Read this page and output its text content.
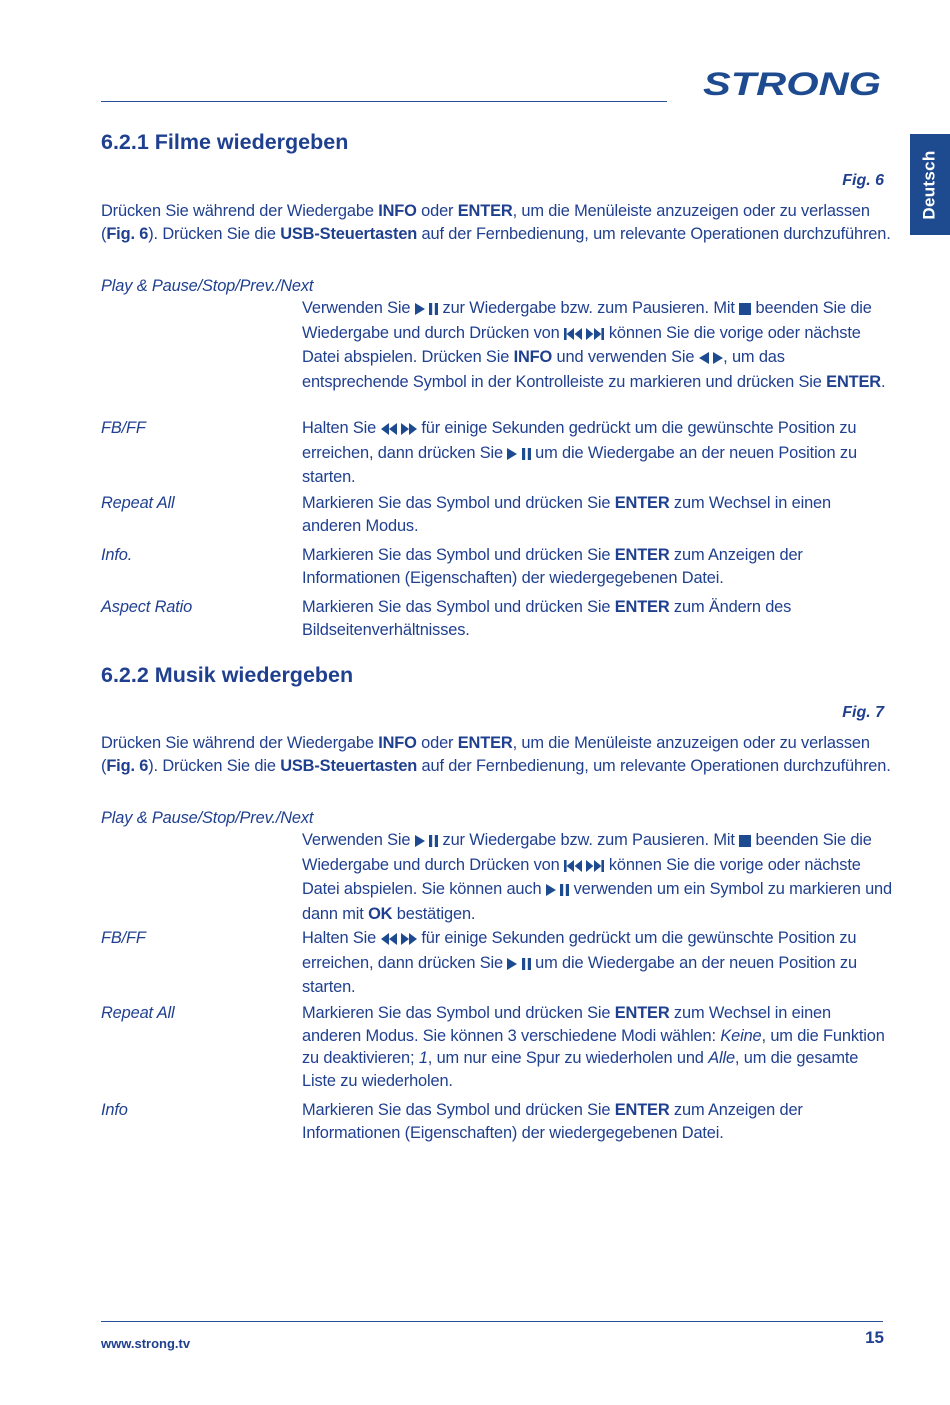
STRONG
Deutsch
6.2.1 Filme wiedergeben
Fig. 6

Drücken Sie während der Wiedergabe INFO oder ENTER, um die Menüleiste anzuzeigen oder zu verlassen (Fig. 6). Drücken Sie die USB-Steuertasten auf der Fernbedienung, um relevante Operationen durchzuführen.

Play & Pause/Stop/Prev./Next
Verwenden Sie   zur Wiedergabe bzw. zum Pausieren. Mit  beenden Sie die Wiedergabe und durch Drücken von   können Sie die vorige oder nächste Datei abspielen. Drücken Sie INFO und verwenden Sie  , um das entsprechende Symbol in der Kontrolleiste zu markieren und drücken Sie ENTER.
FB/FF	Halten Sie   für einige Sekunden gedrückt um die gewünschte Position zu erreichen, dann drücken Sie   um die Wiedergabe an der neuen Position zu starten.
Repeat All	Markieren Sie das Symbol und drücken Sie ENTER zum Wechsel in einen anderen Modus.
Info.	Markieren Sie das Symbol und drücken Sie ENTER zum Anzeigen der Informationen (Eigenschaften) der wiedergegebenen Datei.
Aspect Ratio	Markieren Sie das Symbol und drücken Sie ENTER zum Ändern des Bildseitenverhältnisses.
6.2.2 Musik wiedergeben
Fig. 7

Drücken Sie während der Wiedergabe INFO oder ENTER, um die Menüleiste anzuzeigen oder zu verlassen (Fig. 6). Drücken Sie die USB-Steuertasten auf der Fernbedienung, um relevante Operationen durchzuführen.

Play & Pause/Stop/Prev./Next
Verwenden Sie   zur Wiedergabe bzw. zum Pausieren. Mit  beenden Sie die Wiedergabe und durch Drücken von   können Sie die vorige oder nächste Datei abspielen. Sie können auch   verwenden um ein Symbol zu markieren und dann mit OK bestätigen.
FB/FF	Halten Sie   für einige Sekunden gedrückt um die gewünschte Position zu erreichen, dann drücken Sie   um die Wiedergabe an der neuen Position zu starten.
Repeat All	Markieren Sie das Symbol und drücken Sie ENTER zum Wechsel in einen anderen Modus. Sie können 3 verschiedene Modi wählen: Keine, um die Funktion zu deaktivieren; 1, um nur eine Spur zu wiederholen und Alle, um die gesamte Liste zu wiederholen.
Info	Markieren Sie das Symbol und drücken Sie ENTER zum Anzeigen der Informationen (Eigenschaften) der wiedergegebenen Datei.
www.strong.tv	15
